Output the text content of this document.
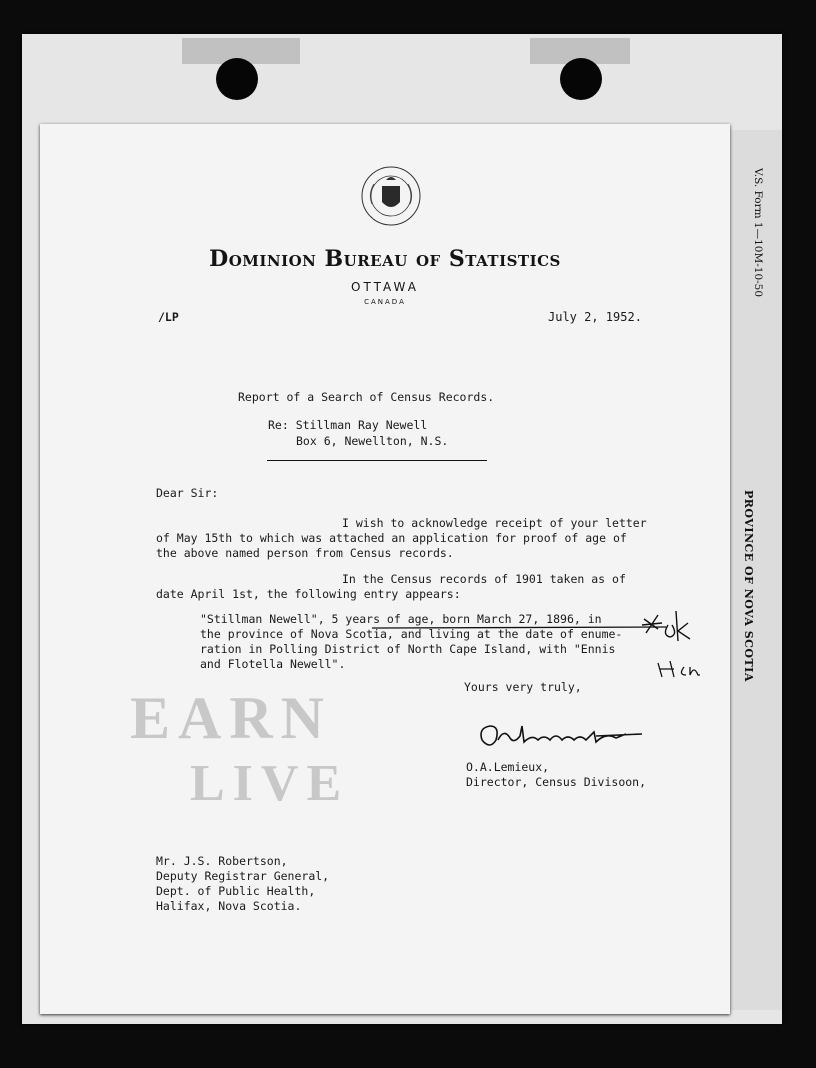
V.S. Form 1—10M-10-50
PROVINCE OF NOVA SCOTIA
EARN
LIVE
Dominion Bureau of Statistics
OTTAWA
CANADA
/LP	July 2, 1952.
Report of a Search of Census Records.
Re: Stillman Ray Newell
Box 6, Newellton, N.S.
Dear Sir:
I wish to acknowledge receipt of your letter
of May 15th to which was attached an application for proof of age of
the above named person from Census records.
In the Census records of 1901 taken as of
date April 1st, the following entry appears:
"Stillman Newell", 5 years of age, born March 27, 1896, in
the province of Nova Scotia, and living at the date of enume-
ration in Polling District of North Cape Island, with "Ennis
and Flotella Newell".
Yours very truly,
O.A.Lemieux,
Director, Census Divisoon,
Mr. J.S. Robertson,
Deputy Registrar General,
Dept. of Public Health,
Halifax, Nova Scotia.
